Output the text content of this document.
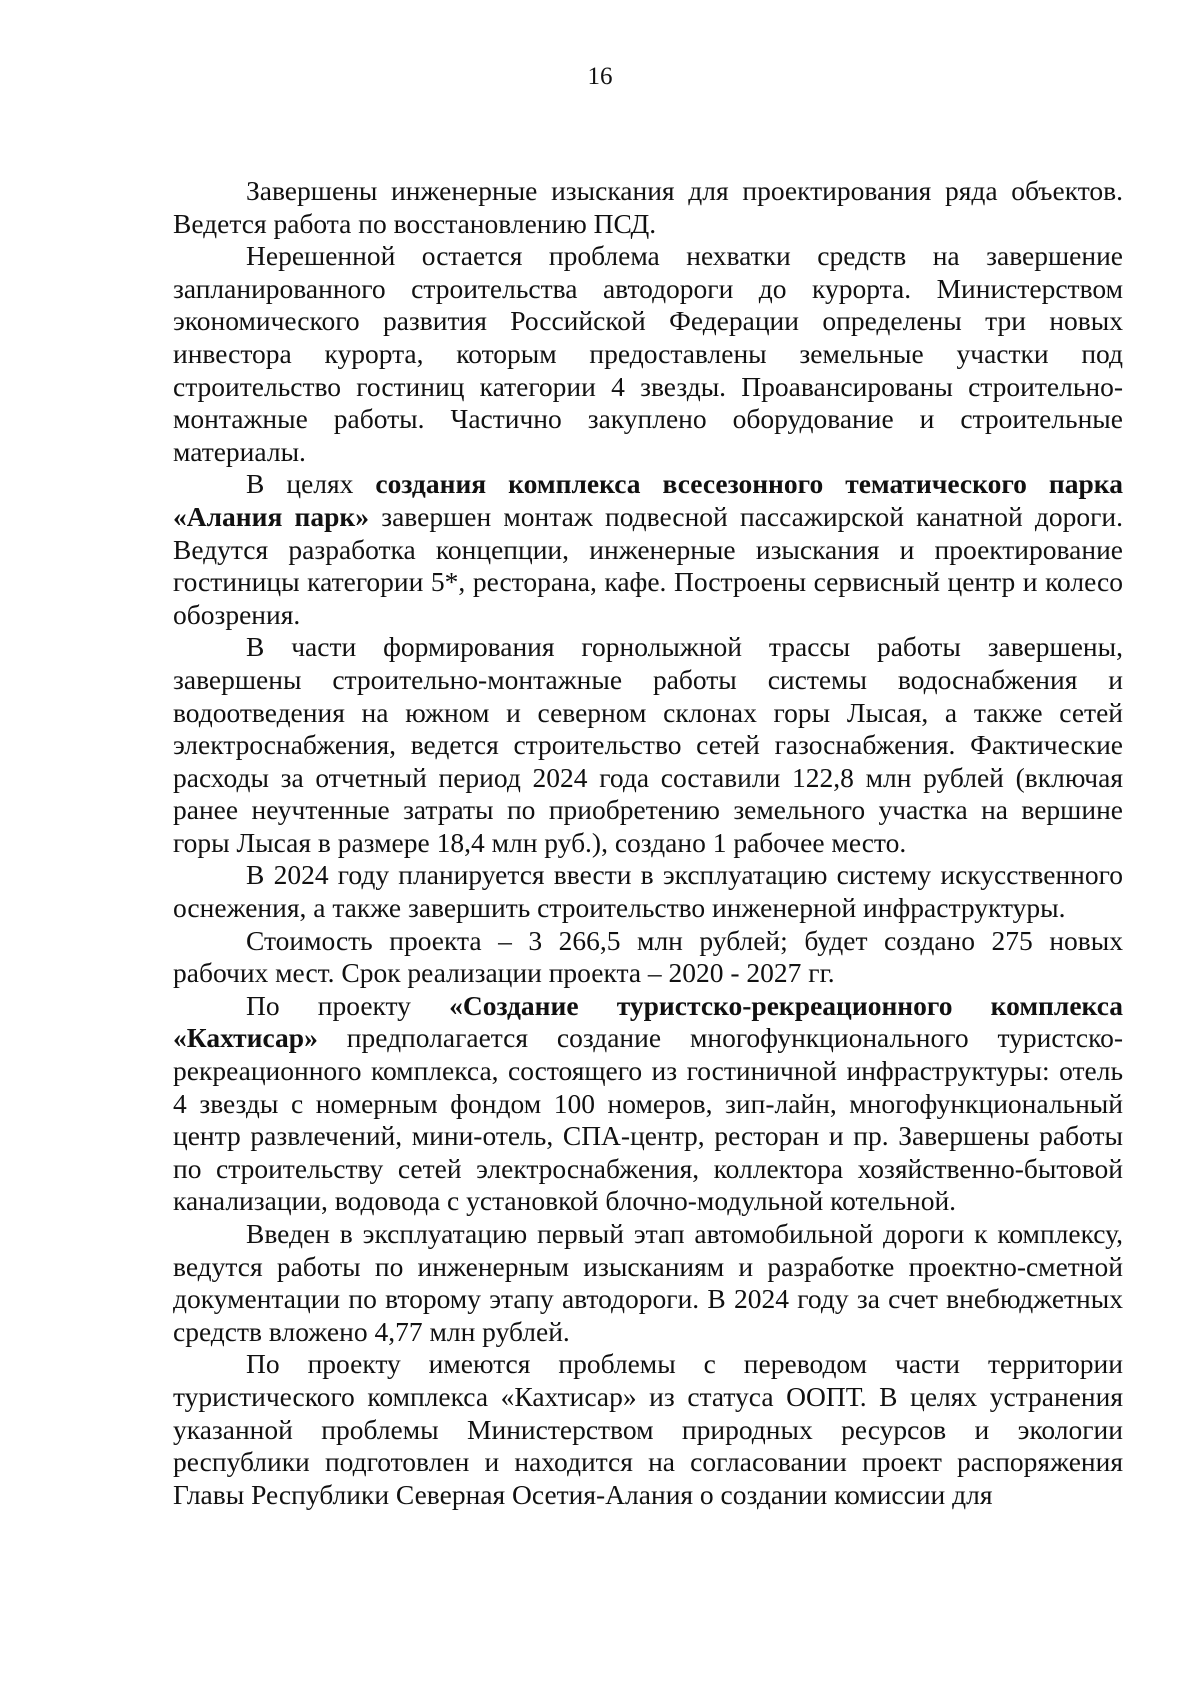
16

Завершены инженерные изыскания для проектирования ряда объектов. Ведется работа по восстановлению ПСД.

Нерешенной остается проблема нехватки средств на завершение запланированного строительства автодороги до курорта. Министерством экономического развития Российской Федерации определены три новых инвестора курорта, которым предоставлены земельные участки под строительство гостиниц категории 4 звезды. Проавансированы строительно-монтажные работы. Частично закуплено оборудование и строительные материалы.

В целях создания комплекса всесезонного тематического парка «Алания парк» завершен монтаж подвесной пассажирской канатной дороги. Ведутся разработка концепции, инженерные изыскания и проектирование гостиницы категории 5*, ресторана, кафе. Построены сервисный центр и колесо обозрения.

В части формирования горнолыжной трассы работы завершены, завершены строительно-монтажные работы системы водоснабжения и водоотведения на южном и северном склонах горы Лысая, а также сетей электроснабжения, ведется строительство сетей газоснабжения. Фактические расходы за отчетный период 2024 года составили 122,8 млн рублей (включая ранее неучтенные затраты по приобретению земельного участка на вершине горы Лысая в размере 18,4 млн руб.), создано 1 рабочее место.

В 2024 году планируется ввести в эксплуатацию систему искусственного оснежения, а также завершить строительство инженерной инфраструктуры.

Стоимость проекта – 3 266,5 млн рублей; будет создано 275 новых рабочих мест. Срок реализации проекта – 2020 - 2027 гг.

По проекту «Создание туристско-рекреационного комплекса «Кахтисар» предполагается создание многофункционального туристско-рекреационного комплекса, состоящего из гостиничной инфраструктуры: отель 4 звезды с номерным фондом 100 номеров, зип-лайн, многофункциональный центр развлечений, мини-отель, СПА-центр, ресторан и пр. Завершены работы по строительству сетей электроснабжения, коллектора хозяйственно-бытовой канализации, водовода с установкой блочно-модульной котельной.

Введен в эксплуатацию первый этап автомобильной дороги к комплексу, ведутся работы по инженерным изысканиям и разработке проектно-сметной документации по второму этапу автодороги. В 2024 году за счет внебюджетных средств вложено 4,77 млн рублей.

По проекту имеются проблемы с переводом части территории туристического комплекса «Кахтисар» из статуса ООПТ. В целях устранения указанной проблемы Министерством природных ресурсов и экологии республики подготовлен и находится на согласовании проект распоряжения Главы Республики Северная Осетия-Алания о создании комиссии для
